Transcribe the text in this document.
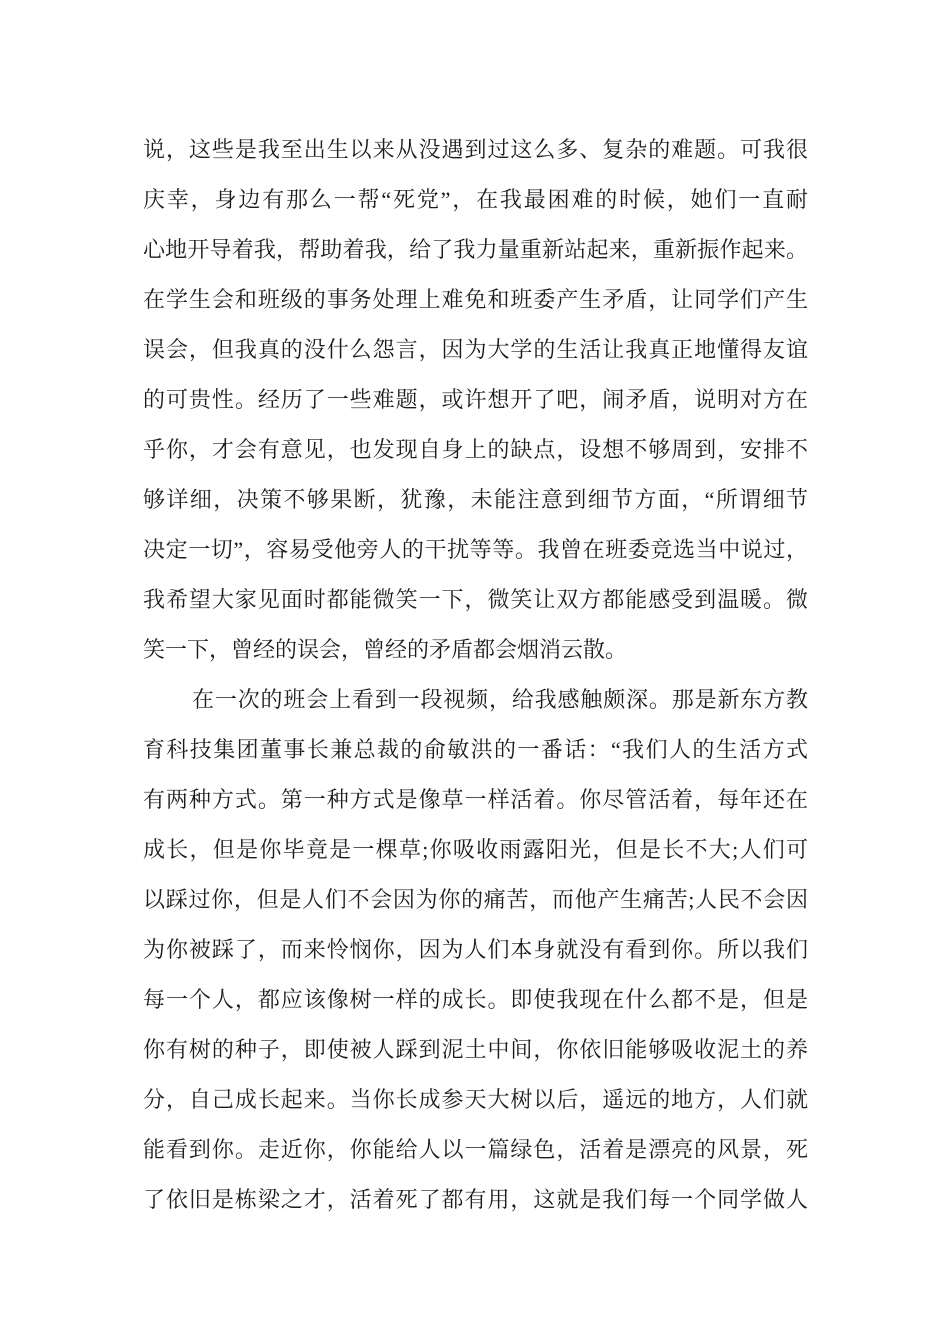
说，这些是我至出生以来从没遇到过这么多、复杂的难题。可我很

庆幸，身边有那么一帮“死党”，在我最困难的时候，她们一直耐

心地开导着我，帮助着我，给了我力量重新站起来，重新振作起来。

在学生会和班级的事务处理上难免和班委产生矛盾，让同学们产生

误会，但我真的没什么怨言，因为大学的生活让我真正地懂得友谊

的可贵性。经历了一些难题，或许想开了吧，闹矛盾，说明对方在

乎你，才会有意见，也发现自身上的缺点，设想不够周到，安排不

够详细，决策不够果断，犹豫，未能注意到细节方面，“所谓细节

决定一切”，容易受他旁人的干扰等等。我曾在班委竞选当中说过，

我希望大家见面时都能微笑一下，微笑让双方都能感受到温暖。微

笑一下，曾经的误会，曾经的矛盾都会烟消云散。

在一次的班会上看到一段视频，给我感触颇深。那是新东方教

育科技集团董事长兼总裁的俞敏洪的一番话：“我们人的生活方式

有两种方式。第一种方式是像草一样活着。你尽管活着，每年还在

成长，但是你毕竟是一棵草;你吸收雨露阳光，但是长不大;人们可

以踩过你，但是人们不会因为你的痛苦，而他产生痛苦;人民不会因

为你被踩了，而来怜悯你，因为人们本身就没有看到你。所以我们

每一个人，都应该像树一样的成长。即使我现在什么都不是，但是

你有树的种子，即使被人踩到泥土中间，你依旧能够吸收泥土的养

分，自己成长起来。当你长成参天大树以后，遥远的地方，人们就

能看到你。走近你，你能给人以一篇绿色，活着是漂亮的风景，死

了依旧是栋梁之才，活着死了都有用，这就是我们每一个同学做人
